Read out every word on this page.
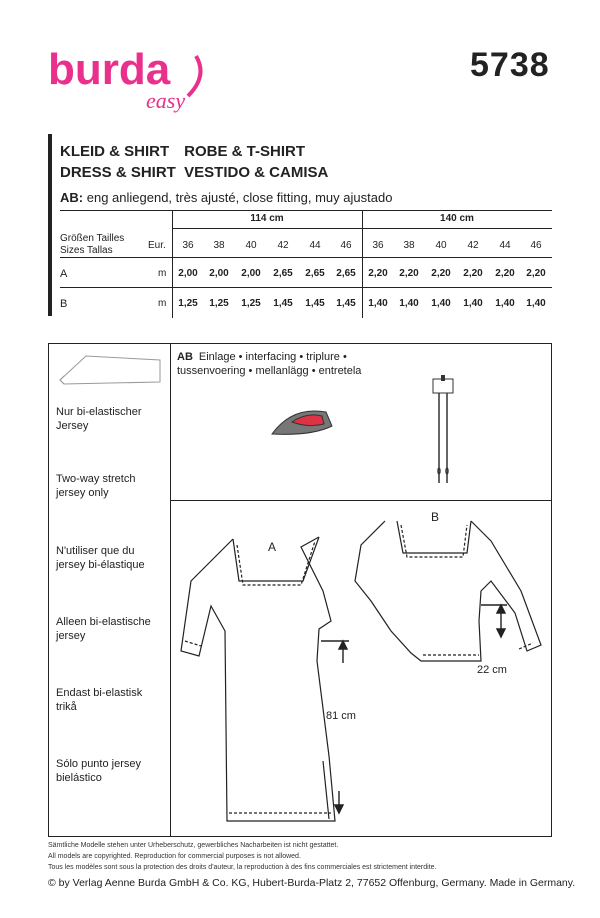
burda
easy
5738
KLEID & SHIRT ROBE & T-SHIRT
DRESS & SHIRT VESTIDO & CAMISA
AB: eng anliegend, très ajusté, close fitting, muy ajustado
114 cm	140 cm
Größen Tailles
Sizes Tallas	Eur.	36	38	40	42	44	46	36	38	40	42	44	46
A	m	2,00	2,00	2,00	2,65	2,65	2,65	2,20	2,20	2,20	2,20	2,20	2,20
B	m	1,25	1,25	1,25	1,45	1,45	1,45	1,40	1,40	1,40	1,40	1,40	1,40
Nur bi-elastischer Jersey
Two-way stretch jersey only
N'utiliser que du jersey bi-élastique
Alleen bi-elastische jersey
Endast bi-elastisk trikå
Sólo punto jersey bielástico
AB Einlage • interfacing • triplure • tussenvoering • mellanlägg • entretela
A
B
81 cm
22 cm
Sämtliche Modelle stehen unter Urheberschutz, gewerbliches Nacharbeiten ist nicht gestattet.
All models are copyrighted. Reproduction for commercial purposes is not allowed.
Tous les modèles sont sous la protection des droits d'auteur, la reproduction à des fins commerciales est strictement interdite.
© by Verlag Aenne Burda GmbH & Co. KG, Hubert-Burda-Platz 2, 77652 Offenburg, Germany. Made in Germany.
